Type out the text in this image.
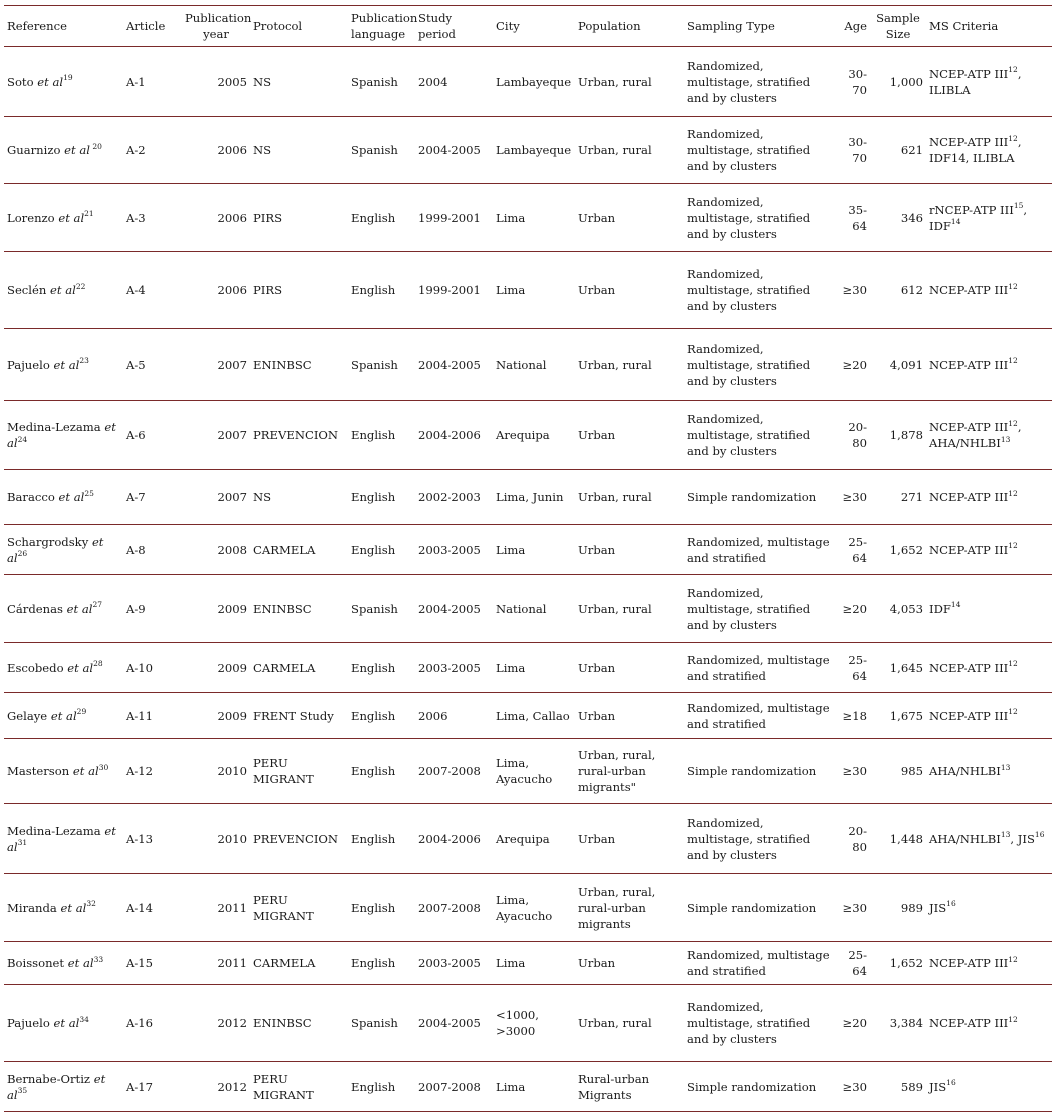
Reference	Article	Publication year	Protocol	Publication language	Study period	City	Population	Sampling Type	Age	Sample Size	MS Criteria
Soto et $al^{19}$	A-1	2005	NS	Spanish	2004	Lambayeque	Urban, rural	Randomized, multistage, stratified and by clusters	30-70	1,000	NCEP-ATP III$^{12}$, ILIBLA
Guarnizo et al $^{20}$	A-2	2006	NS	Spanish	2004-2005	Lambayeque	Urban, rural	Randomized, multistage, stratified and by clusters	30-70	621	NCEP-ATP III$^{12}$, IDF14, ILIBLA
Lorenzo et $al^{21}$	A-3	2006	PIRS	English	1999-2001	Lima	Urban	Randomized, multistage, stratified and by clusters	35-64	346	rNCEP-ATP III$^{15}$, IDF$^{14}$
Seclén et $al^{22}$	A-4	2006	PIRS	English	1999-2001	Lima	Urban	Randomized, multistage, stratified and by clusters	≥30	612	NCEP-ATP III$^{12}$
Pajuelo et $al^{23}$	A-5	2007	ENINBSC	Spanish	2004-2005	National	Urban, rural	Randomized, multistage, stratified and by clusters	≥20	4,091	NCEP-ATP III$^{12}$
Medina-Lezama et $al^{24}$	A-6	2007	PREVENCION	English	2004-2006	Arequipa	Urban	Randomized, multistage, stratified and by clusters	20-80	1,878	NCEP-ATP III$^{12}$, AHA/NHLBI$^{13}$
Baracco et $al^{25}$	A-7	2007	NS	English	2002-2003	Lima, Junin	Urban, rural	Simple randomization	≥30	271	NCEP-ATP III$^{12}$
Schargrodsky et $al^{26}$	A-8	2008	CARMELA	English	2003-2005	Lima	Urban	Randomized, multistage and stratified	25-64	1,652	NCEP-ATP III$^{12}$
Cárdenas et $al^{27}$	A-9	2009	ENINBSC	Spanish	2004-2005	National	Urban, rural	Randomized, multistage, stratified and by clusters	≥20	4,053	IDF$^{14}$
Escobedo et $al^{28}$	A-10	2009	CARMELA	English	2003-2005	Lima	Urban	Randomized, multistage and stratified	25-64	1,645	NCEP-ATP III$^{12}$
Gelaye et $al^{29}$	A-11	2009	FRENT Study	English	2006	Lima, Callao	Urban	Randomized, multistage and stratified	≥18	1,675	NCEP-ATP III$^{12}$
Masterson et $al^{30}$	A-12	2010	PERU MIGRANT	English	2007-2008	Lima, Ayacucho	Urban, rural, rural-urban migrants"	Simple randomization	≥30	985	AHA/NHLBI$^{13}$
Medina-Lezama et $al^{31}$	A-13	2010	PREVENCION	English	2004-2006	Arequipa	Urban	Randomized, multistage, stratified and by clusters	20-80	1,448	AHA/NHLBI$^{13}$, JIS$^{16}$
Miranda et $al^{32}$	A-14	2011	PERU MIGRANT	English	2007-2008	Lima, Ayacucho	Urban, rural, rural-urban migrants	Simple randomization	≥30	989	JIS$^{16}$
Boissonet et $al^{33}$	A-15	2011	CARMELA	English	2003-2005	Lima	Urban	Randomized, multistage and stratified	25-64	1,652	NCEP-ATP III$^{12}$
Pajuelo et $al^{34}$	A-16	2012	ENINBSC	Spanish	2004-2005	<1000, >3000	Urban, rural	Randomized, multistage, stratified and by clusters	≥20	3,384	NCEP-ATP III$^{12}$
Bernabe-Ortiz et $al^{35}$	A-17	2012	PERU MIGRANT	English	2007-2008	Lima	Rural-urban Migrants	Simple randomization	≥30	589	JIS$^{16}$
